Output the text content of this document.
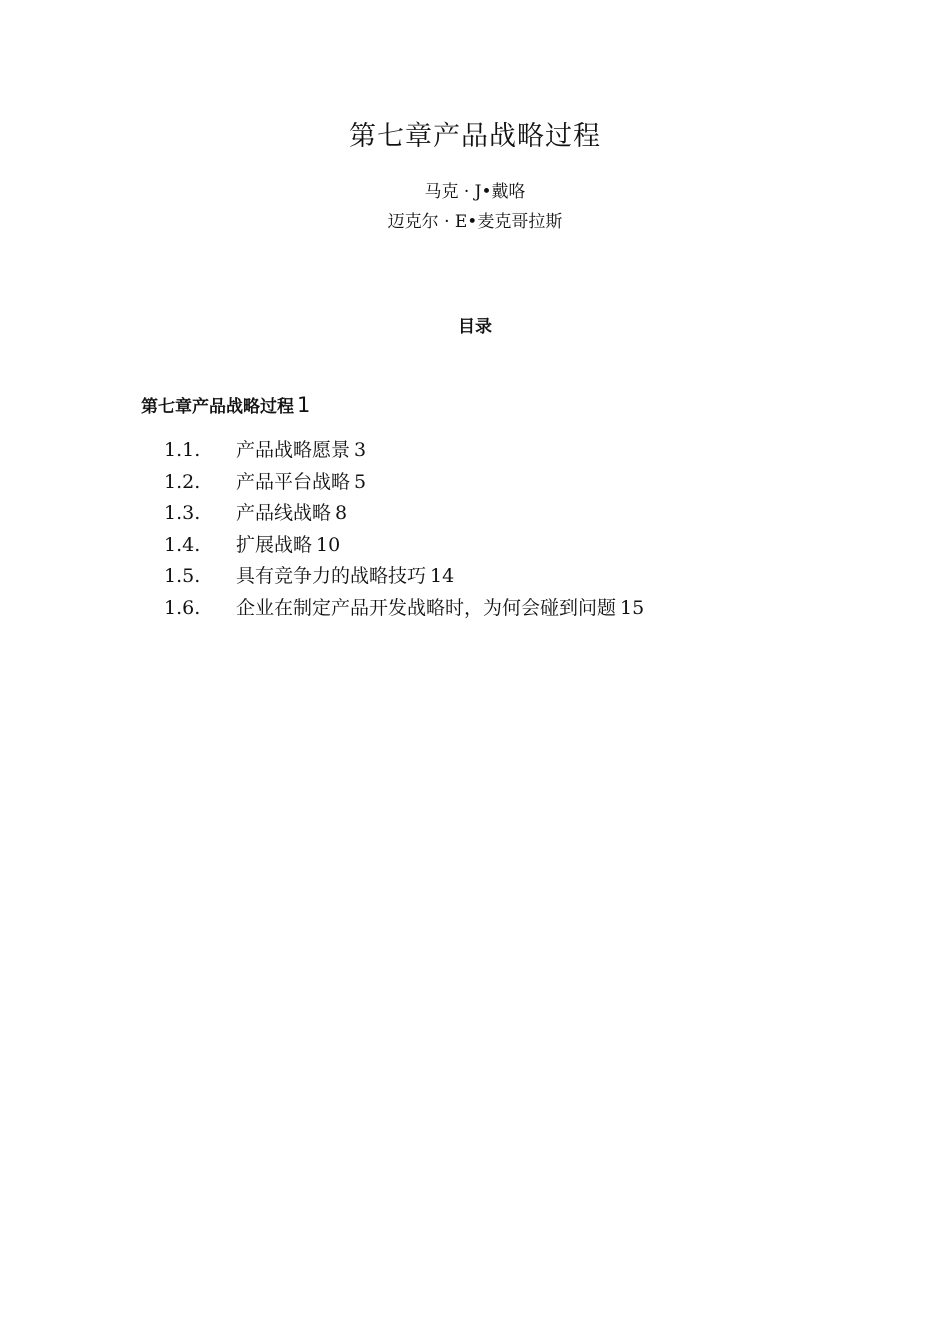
第七章产品战略过程
马克 · J•戴咯
迈克尔 · E•麦克哥拉斯
目录
第七章产品战略过程 1
1.1. 产品战略愿景 3
1.2. 产品平台战略 5
1.3. 产品线战略 8
1.4. 扩展战略 10
1.5. 具有竞争力的战略技巧 14
1.6. 企业在制定产品开发战略时，为何会碰到问题 15
